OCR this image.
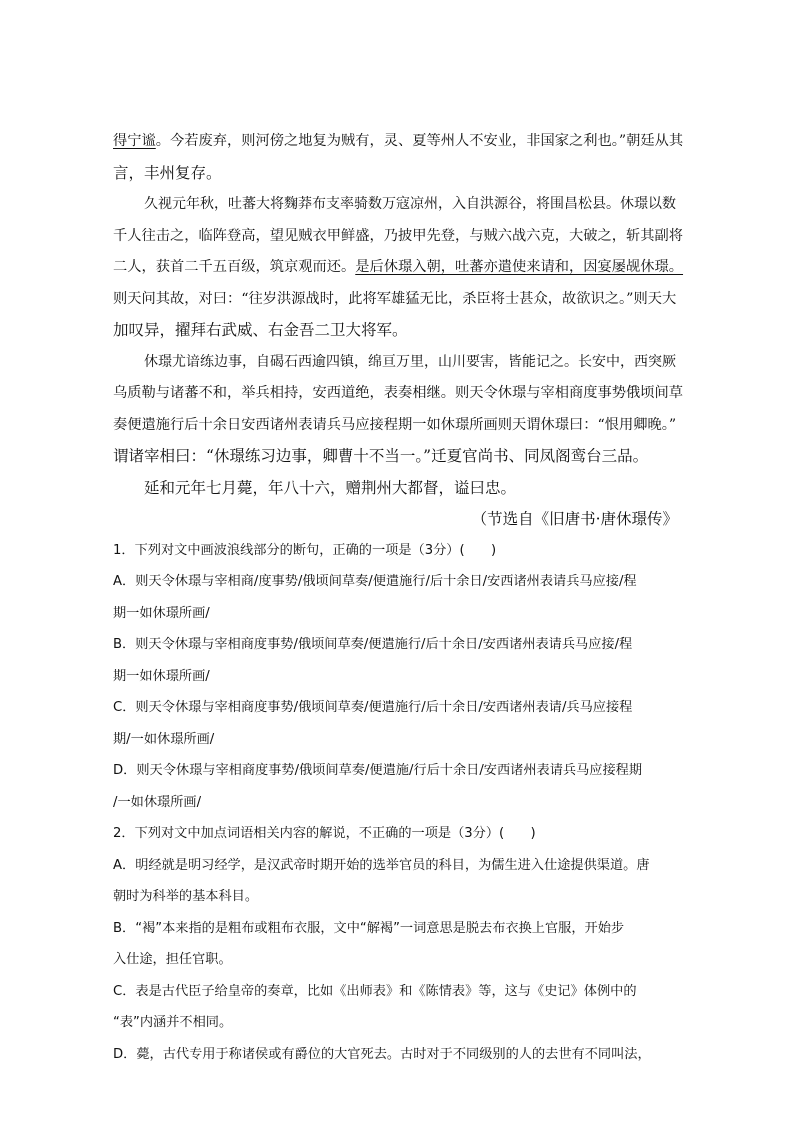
得宁谧。今若废弃，则河傍之地复为贼有，灵、夏等州人不安业，非国家之利也。”朝廷从其
言，丰州复存。
久视元年秋，吐蕃大将麴莽布支率骑数万寇凉州，入自洪源谷，将围昌松县。休璟以数
千人往击之，临阵登高，望见贼衣甲鲜盛，乃披甲先登，与贼六战六克，大破之，斩其副将
二人，获首二千五百级，筑京观而还。是后休璟入朝，吐蕃亦遣使来请和，因宴屡觇休璟。
则天问其故，对曰：“往岁洪源战时，此将军雄猛无比，杀臣将士甚众，故欲识之。”则天大
加叹异，擢拜右武威、右金吾二卫大将军。
休璟尤谙练边事，自碣石西逾四镇，绵亘万里，山川要害，皆能记之。长安中，西突厥
乌质勒与诸蕃不和，举兵相持，安西道绝，表奏相继。则天令休璟与宰相商度事势俄顷间草
奏便遣施行后十余日安西诸州表请兵马应接程期一如休璟所画则天谓休璟曰：“恨用卿晚。”
谓诸宰相曰：“休璟练习边事，卿曹十不当一。”迁夏官尚书、同凤阁鸾台三品。
延和元年七月薨，年八十六，赠荆州大都督，谥曰忠。
（节选自《旧唐书·唐休璟传》
1．下列对文中画波浪线部分的断句，正确的一项是（3分）(　　)
A．则天令休璟与宰相商/度事势/俄顷间草奏/便遣施行/后十余日/安西诸州表请兵马应接/程
期一如休璟所画/
B．则天令休璟与宰相商度事势/俄顷间草奏/便遣施行/后十余日/安西诸州表请兵马应接/程
期一如休璟所画/
C．则天令休璟与宰相商度事势/俄顷间草奏/便遣施行/后十余日/安西诸州表请/兵马应接程
期/一如休璟所画/
D．则天令休璟与宰相商度事势/俄顷间草奏/便遣施/行后十余日/安西诸州表请兵马应接程期
/一如休璟所画/
2．下列对文中加点词语相关内容的解说，不正确的一项是（3分）(　　)
A．明经就是明习经学，是汉武帝时期开始的选举官员的科目，为儒生进入仕途提供渠道。唐
朝时为科举的基本科目。
B．“褐”本来指的是粗布或粗布衣服，文中“解褐”一词意思是脱去布衣换上官服，开始步
入仕途，担任官职。
C．表是古代臣子给皇帝的奏章，比如《出师表》和《陈情表》等，这与《史记》体例中的
“表”内涵并不相同。
D．薨，古代专用于称诸侯或有爵位的大官死去。古时对于不同级别的人的去世有不同叫法，
